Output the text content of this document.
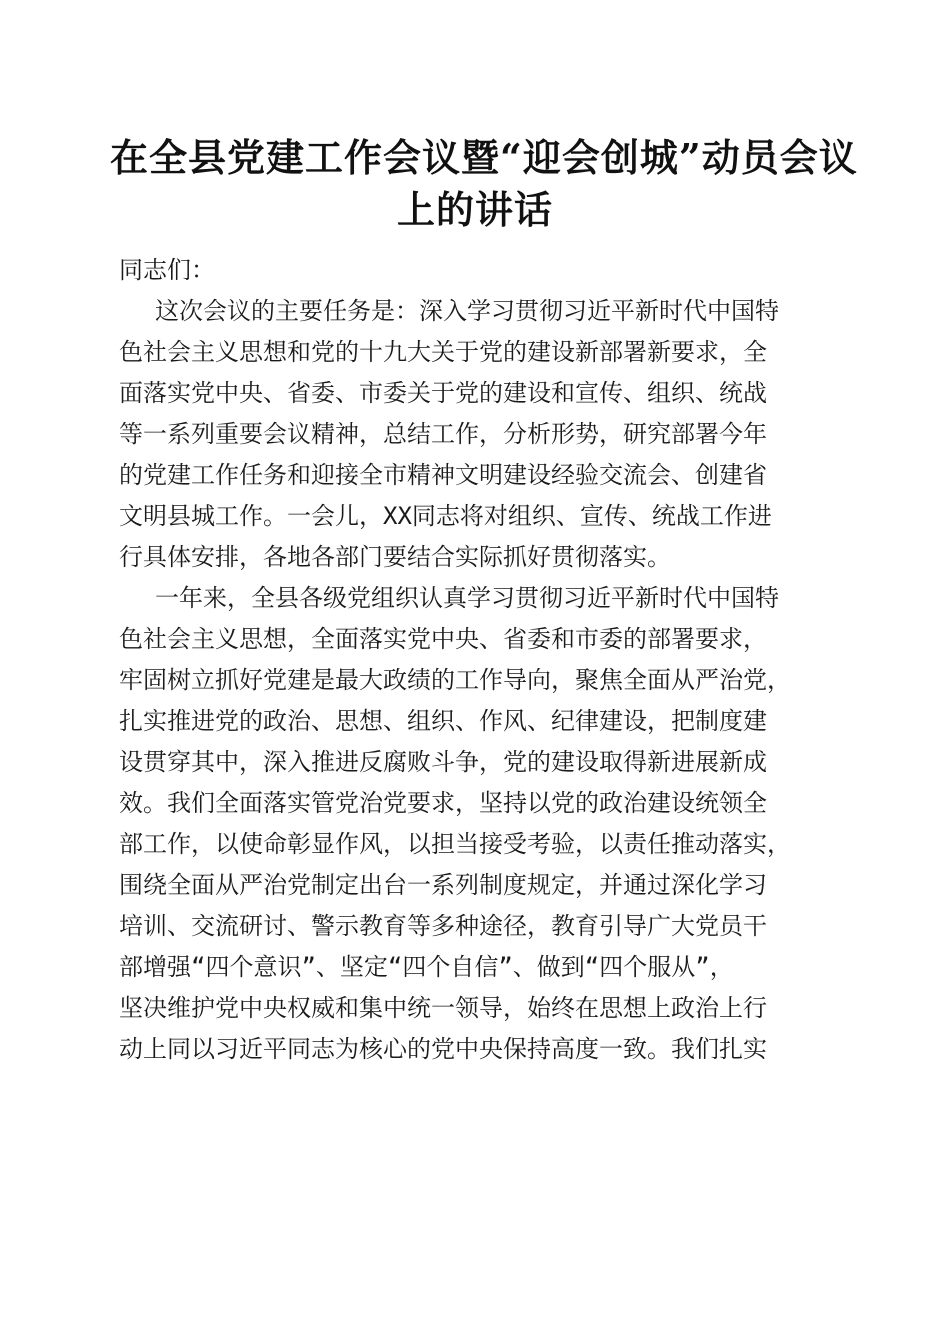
在全县党建工作会议暨“迎会创城”动员会议
上的讲话
同志们：
这次会议的主要任务是：深入学习贯彻习近平新时代中国特
色社会主义思想和党的十九大关于党的建设新部署新要求，全
面落实党中央、省委、市委关于党的建设和宣传、组织、统战
等一系列重要会议精神，总结工作，分析形势，研究部署今年
的党建工作任务和迎接全市精神文明建设经验交流会、创建省
文明县城工作。一会儿，XX同志将对组织、宣传、统战工作进
行具体安排，各地各部门要结合实际抓好贯彻落实。
一年来，全县各级党组织认真学习贯彻习近平新时代中国特
色社会主义思想，全面落实党中央、省委和市委的部署要求，
牢固树立抓好党建是最大政绩的工作导向，聚焦全面从严治党，
扎实推进党的政治、思想、组织、作风、纪律建设，把制度建
设贯穿其中，深入推进反腐败斗争，党的建设取得新进展新成
效。我们全面落实管党治党要求，坚持以党的政治建设统领全
部工作，以使命彰显作风，以担当接受考验，以责任推动落实，
围绕全面从严治党制定出台一系列制度规定，并通过深化学习
培训、交流研讨、警示教育等多种途径，教育引导广大党员干
部增强“四个意识”、坚定“四个自信”、做到“四个服从”，
坚决维护党中央权威和集中统一领导，始终在思想上政治上行
动上同以习近平同志为核心的党中央保持高度一致。我们扎实
